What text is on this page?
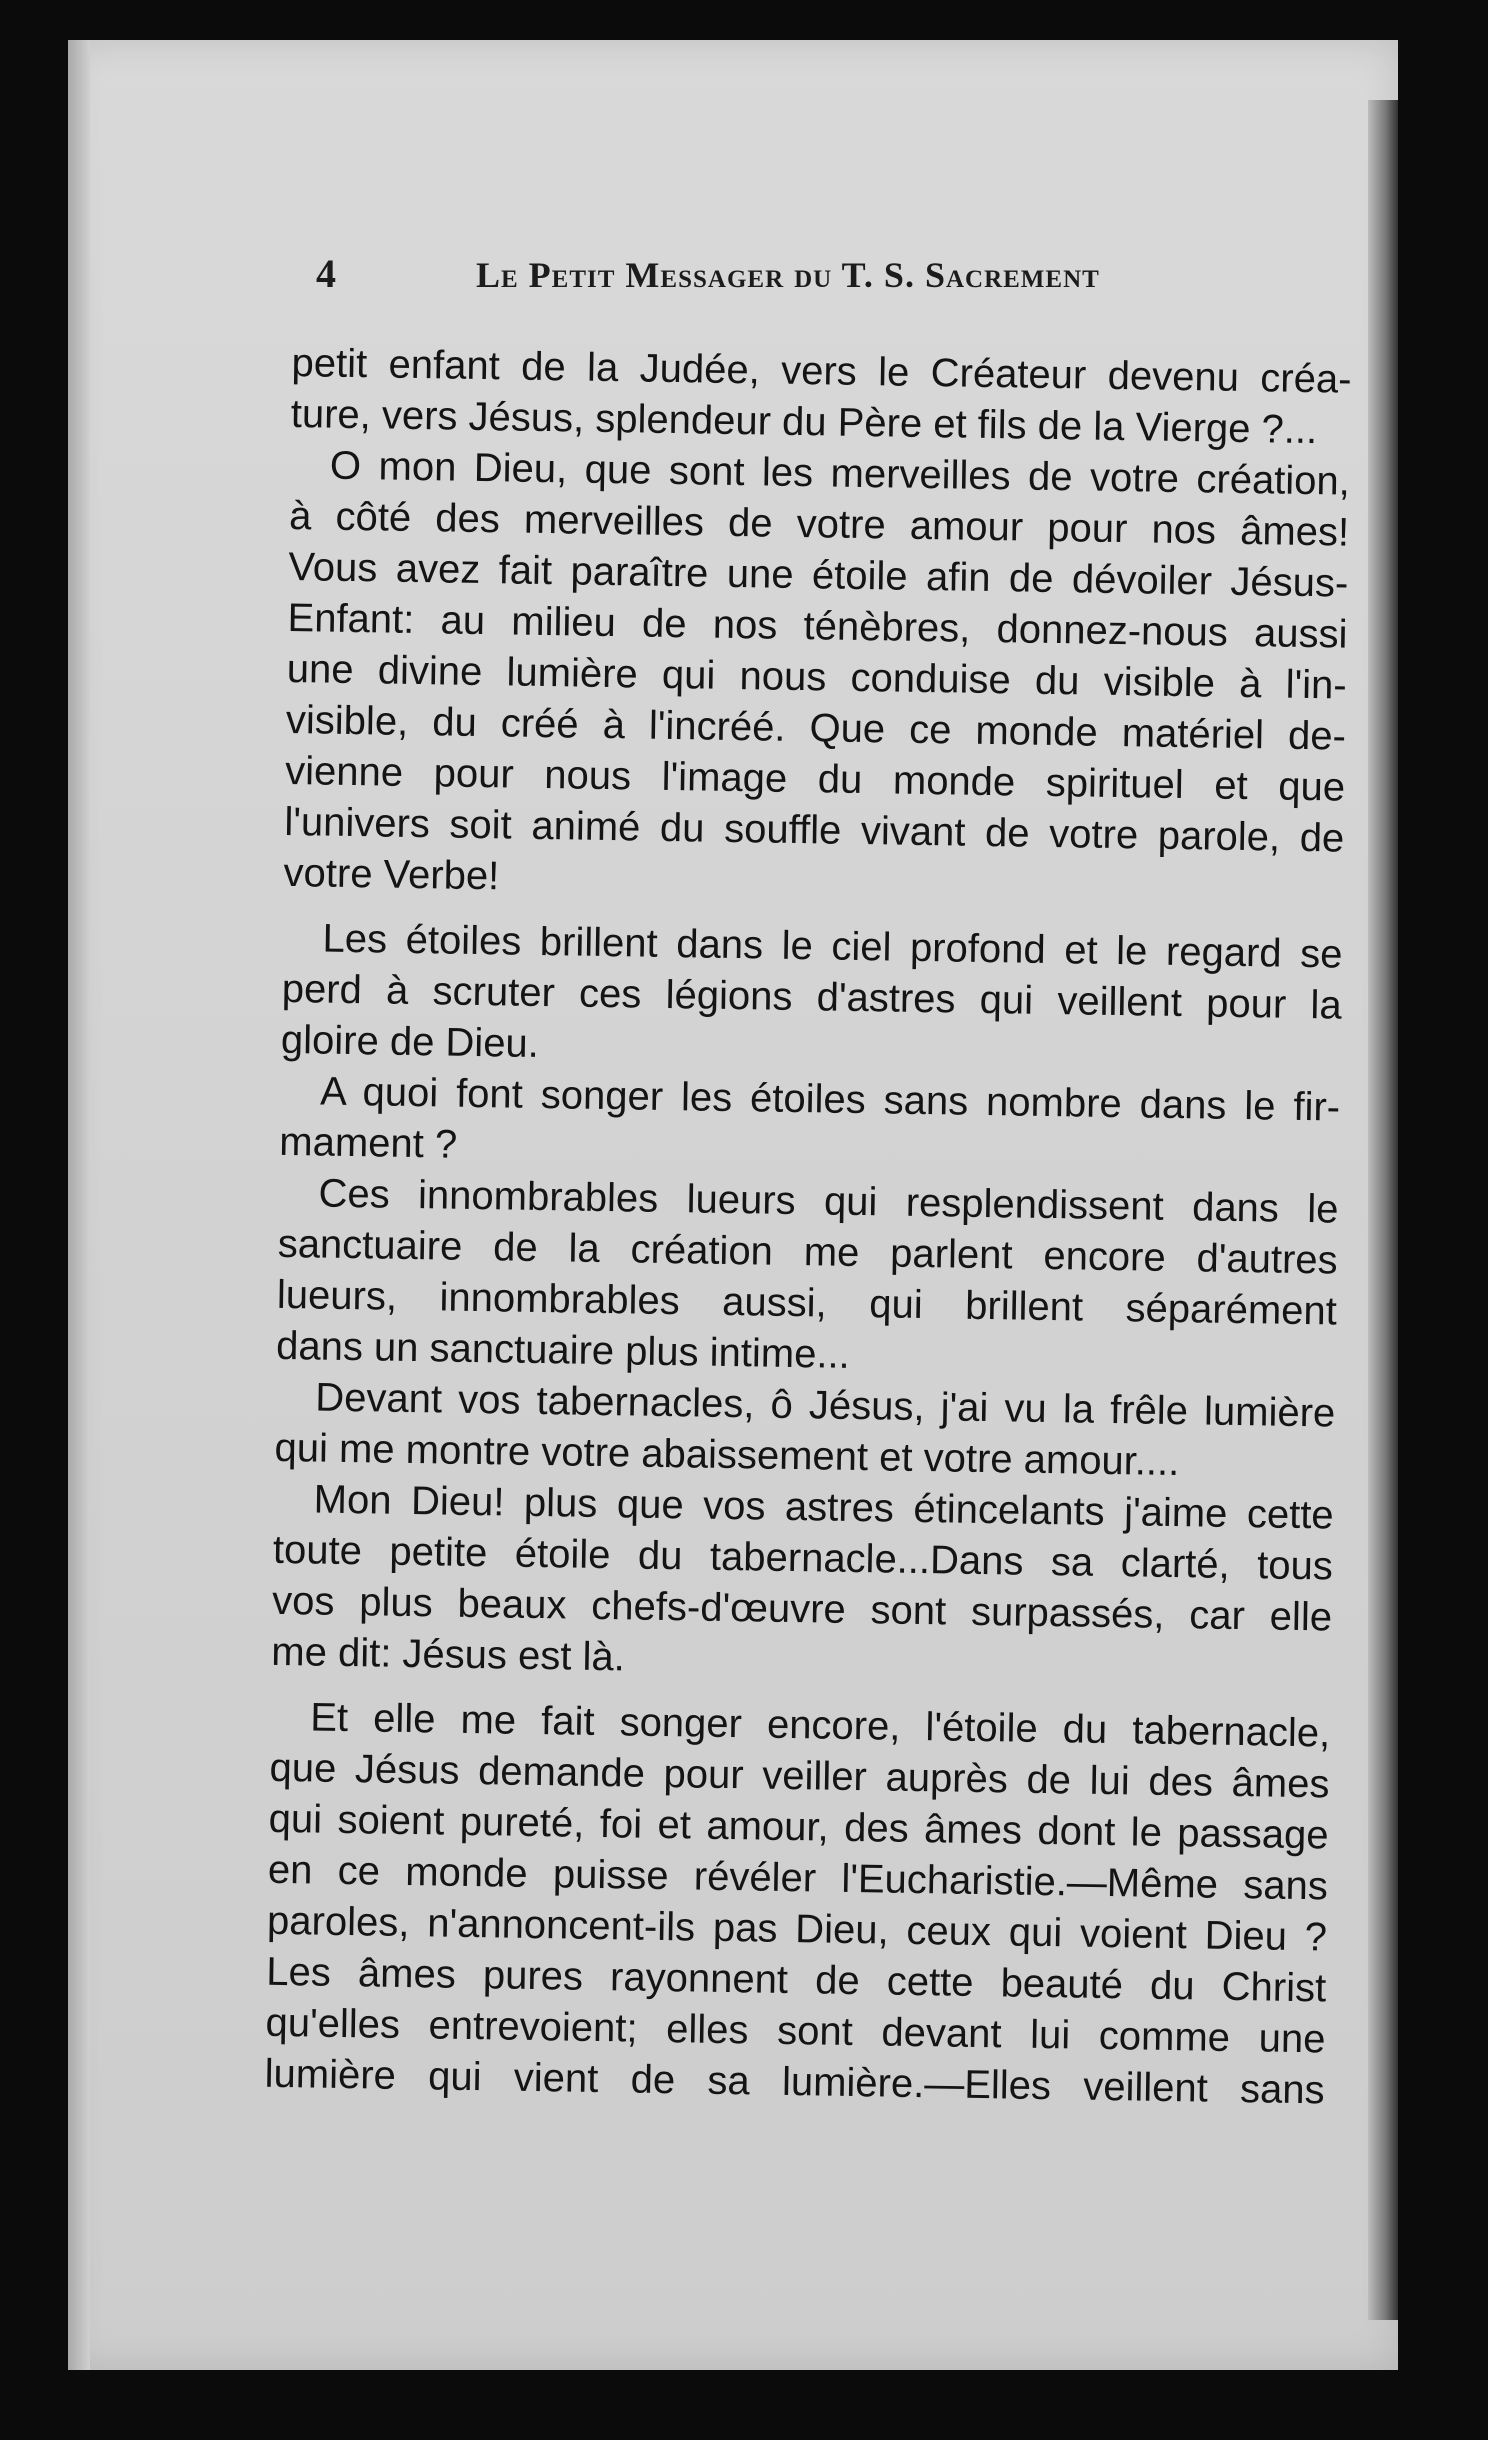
4	Le Petit Messager du T. S. Sacrement
petit enfant de la Judée, vers le Créateur devenu créa-
ture, vers Jésus, splendeur du Père et fils de la Vierge ?...
O mon Dieu, que sont les merveilles de votre création,
à côté des merveilles de votre amour pour nos âmes!
Vous avez fait paraître une étoile afin de dévoiler Jésus-
Enfant: au milieu de nos ténèbres, donnez-nous aussi
une divine lumière qui nous conduise du visible à l'in-
visible, du créé à l'incréé. Que ce monde matériel de-
vienne pour nous l'image du monde spirituel et que
l'univers soit animé du souffle vivant de votre parole, de
votre Verbe!
Les étoiles brillent dans le ciel profond et le regard se
perd à scruter ces légions d'astres qui veillent pour la
gloire de Dieu.
A quoi font songer les étoiles sans nombre dans le fir-
mament ?
Ces innombrables lueurs qui resplendissent dans le
sanctuaire de la création me parlent encore d'autres
lueurs, innombrables aussi, qui brillent séparément
dans un sanctuaire plus intime...
Devant vos tabernacles, ô Jésus, j'ai vu la frêle lumière
qui me montre votre abaissement et votre amour....
Mon Dieu! plus que vos astres étincelants j'aime cette
toute petite étoile du tabernacle...Dans sa clarté, tous
vos plus beaux chefs-d'œuvre sont surpassés, car elle
me dit: Jésus est là.
Et elle me fait songer encore, l'étoile du tabernacle,
que Jésus demande pour veiller auprès de lui des âmes
qui soient pureté, foi et amour, des âmes dont le passage
en ce monde puisse révéler l'Eucharistie.—Même sans
paroles, n'annoncent-ils pas Dieu, ceux qui voient Dieu ?
Les âmes pures rayonnent de cette beauté du Christ
qu'elles entrevoient; elles sont devant lui comme une
lumière qui vient de sa lumière.—Elles veillent sans
